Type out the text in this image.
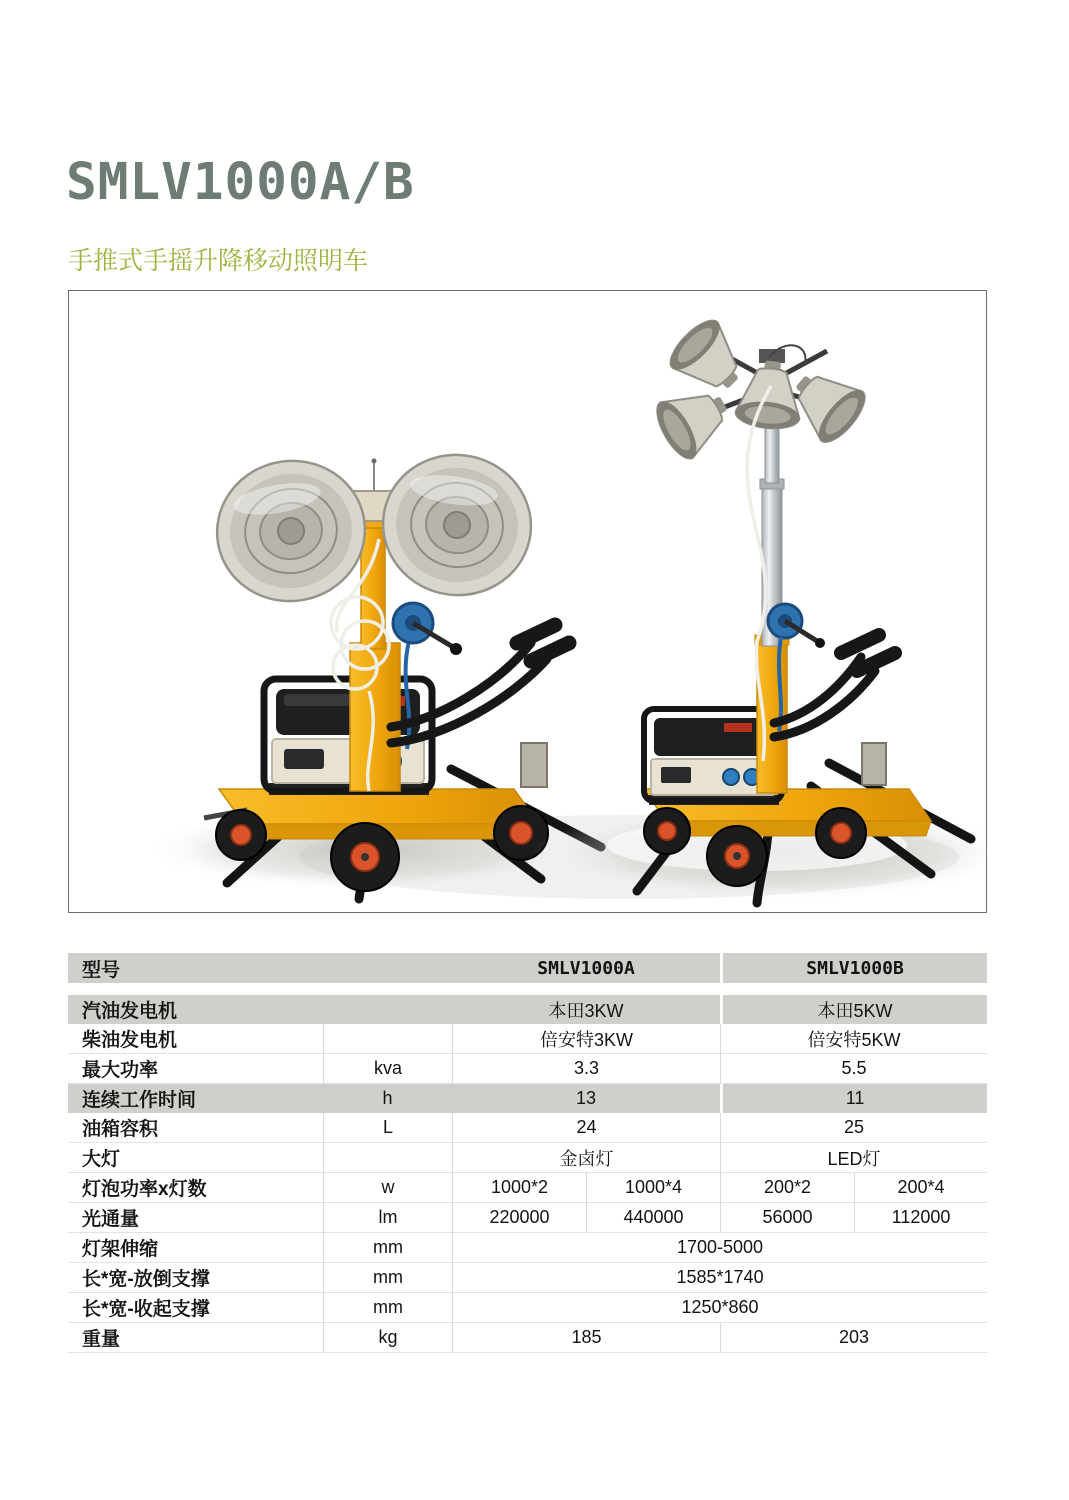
SMLV1000A/B
手推式手摇升降移动照明车
型号		SMLV1000A		SMLV1000B	

汽油发电机		本田3KW		本田5KW	
柴油发电机		倍安特3KW		倍安特5KW	
最大功率	kva	3.3		5.5	
连续工作时间	h	13		11	
油箱容积	L	24		25	
大灯		金卤灯		LED灯	
灯泡功率x灯数	w	1000*2	1000*4	200*2	200*4
光通量	lm	220000	440000	56000	112000
灯架伸缩	mm	1700-5000			
长*宽-放倒支撑	mm	1585*1740			
长*宽-收起支撑	mm	1250*860			
重量	kg	185		203	
